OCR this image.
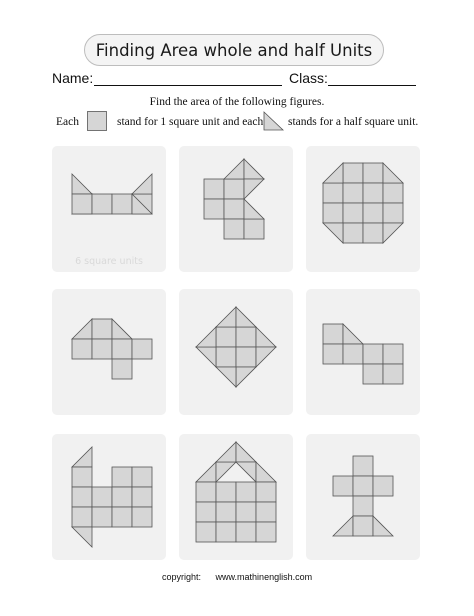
Finding Area whole and half Units
Name:	Class:
Find the area of the following figures.
Each	stand for 1 square unit and each stands for a half square unit.
6 square units
copyright: www.mathinenglish.com
